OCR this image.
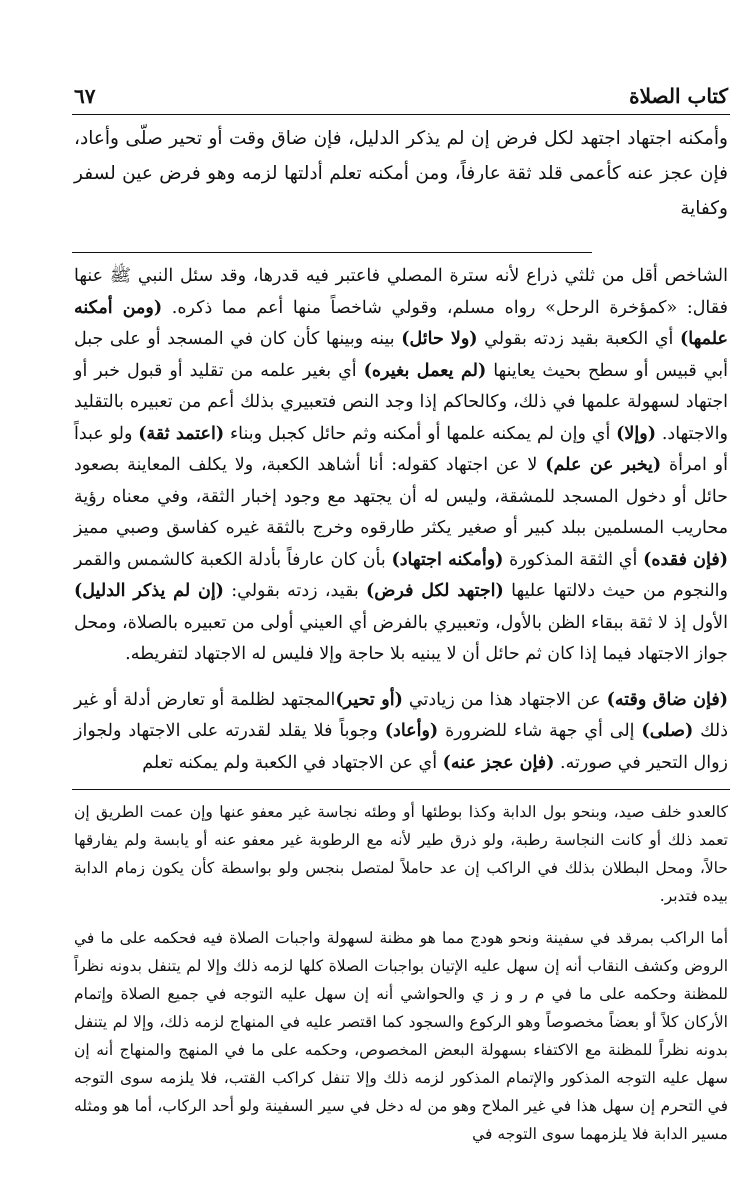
كتاب الصلاة
٦٧
وأمكنه اجتهاد اجتهد لكل فرض إن لم يذكر الدليل، فإن ضاق وقت أو تحير صلّى وأعاد، فإن عجز عنه كأعمى قلد ثقة عارفاً، ومن أمكنه تعلم أدلتها لزمه وهو فرض عين لسفر وكفاية

الشاخص أقل من ثلثي ذراع لأنه سترة المصلي فاعتبر فيه قدرها، وقد سئل النبي ﷺ عنها فقال: «كمؤخرة الرحل» رواه مسلم، وقولي شاخصاً منها أعم مما ذكره. (ومن أمكنه علمها) أي الكعبة بقيد زدته بقولي (ولا حائل) بينه وبينها كأن كان في المسجد أو على جبل أبي قبيس أو سطح بحيث يعاينها (لم يعمل بغيره) أي بغير علمه من تقليد أو قبول خبر أو اجتهاد لسهولة علمها في ذلك، وكالحاكم إذا وجد النص فتعبيري بذلك أعم من تعبيره بالتقليد والاجتهاد. (وإلا) أي وإن لم يمكنه علمها أو أمكنه وثم حائل كجبل وبناء (اعتمد ثقة) ولو عبداً أو امرأة (يخبر عن علم) لا عن اجتهاد كقوله: أنا أشاهد الكعبة، ولا يكلف المعاينة بصعود حائل أو دخول المسجد للمشقة، وليس له أن يجتهد مع وجود إخبار الثقة، وفي معناه رؤية محاريب المسلمين ببلد كبير أو صغير يكثر طارقوه وخرج بالثقة غيره كفاسق وصبي مميز (فإن فقده) أي الثقة المذكورة (وأمكنه اجتهاد) بأن كان عارفاً بأدلة الكعبة كالشمس والقمر والنجوم من حيث دلالتها عليها (اجتهد لكل فرض) بقيد، زدته بقولي: (إن لم يذكر الدليل) الأول إذ لا ثقة ببقاء الظن بالأول، وتعبيري بالفرض أي العيني أولى من تعبيره بالصلاة، ومحل جواز الاجتهاد فيما إذا كان ثم حائل أن لا يبنيه بلا حاجة وإلا فليس له الاجتهاد لتفريطه.

(فإن ضاق وقته) عن الاجتهاد هذا من زيادتي (أو تحير)المجتهد لظلمة أو تعارض أدلة أو غير ذلك (صلى) إلى أي جهة شاء للضرورة (وأعاد) وجوباً فلا يقلد لقدرته على الاجتهاد ولجواز زوال التحير في صورته. (فإن عجز عنه) أي عن الاجتهاد في الكعبة ولم يمكنه تعلم

كالعدو خلف صيد، وبنحو بول الدابة وكذا بوطئها أو وطئه نجاسة غير معفو عنها وإن عمت الطريق إن تعمد ذلك أو كانت النجاسة رطبة، ولو ذرق طير لأنه مع الرطوبة غير معفو عنه أو يابسة ولم يفارقها حالاً، ومحل البطلان بذلك في الراكب إن عد حاملاً لمتصل بنجس ولو بواسطة كأن يكون زمام الدابة بيده فتدبر.

أما الراكب بمرقد في سفينة ونحو هودج مما هو مظنة لسهولة واجبات الصلاة فيه فحكمه على ما في الروض وكشف النقاب أنه إن سهل عليه الإتيان بواجبات الصلاة كلها لزمه ذلك وإلا لم يتنفل بدونه نظراً للمظنة وحكمه على ما في م ر و ز ي والحواشي أنه إن سهل عليه التوجه في جميع الصلاة وإتمام الأركان كلاً أو بعضاً مخصوصاً وهو الركوع والسجود كما اقتصر عليه في المنهاج لزمه ذلك، وإلا لم يتنفل بدونه نظراً للمظنة مع الاكتفاء بسهولة البعض المخصوص، وحكمه على ما في المنهج والمنهاج أنه إن سهل عليه التوجه المذكور والإتمام المذكور لزمه ذلك وإلا تنفل كراكب القتب، فلا يلزمه سوى التوجه في التحرم إن سهل هذا في غير الملاح وهو من له دخل في سير السفينة ولو أحد الركاب، أما هو ومثله مسير الدابة فلا يلزمهما سوى التوجه في
